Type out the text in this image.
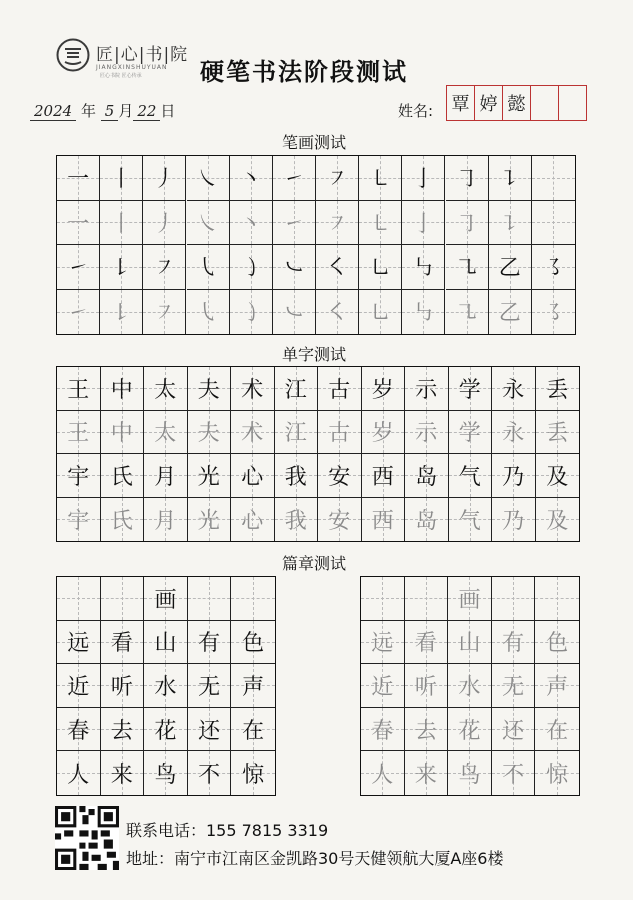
匠|心|书|院
JIANGXINSHUYUAN
匠心书院 匠心传承 硬笔书法阶段测试
2024 年 5 月 22 日	姓名:	覃 婷 懿
笔画测试
一 丨 丿 ㇏ 丶 ㇀ ㇇ ㇄ 亅 ㇆ ㇊
一 丨 丿 ㇏ 丶 ㇀ ㇇ ㇄ 亅 ㇆ ㇊
㇀ ㇙ ㇇ ㇂ ㇁ ㇃ ㇛ ㇟ ㇉ ㇈ 乙 ㇌
㇀ ㇙ ㇇ ㇂ ㇁ ㇃ ㇛ ㇟ ㇉ ㇈ 乙 ㇌
单字测试
王 中 太 夫 术 江 古 岁 示 学 永 丢
王 中 太 夫 术 江 古 岁 示 学 永 丢
宇 氏 月 光 心 我 安 西 岛 气 乃 及
宇 氏 月 光 心 我 安 西 岛 气 乃 及
篇章测试
画
远 看 山 有 色
近 听 水 无 声
春 去 花 还 在
人 来 鸟 不 惊
画
远 看 山 有 色
近 听 水 无 声
春 去 花 还 在
人 来 鸟 不 惊
联系电话：155 7815 3319
地址：南宁市江南区金凯路30号天健领航大厦A座6楼
